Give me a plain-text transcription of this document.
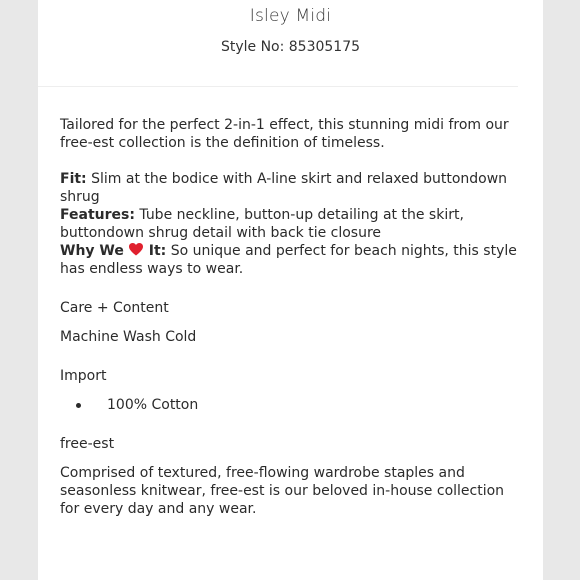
Isley Midi
Style No: 85305175

Tailored for the perfect 2-in-1 effect, this stunning midi from our free-est collection is the definition of timeless.

Fit: Slim at the bodice with A-line skirt and relaxed buttondown shrug

Features: Tube neckline, button-up detailing at the skirt, buttondown shrug detail with back tie closure

Why We It: So unique and perfect for beach nights, this style has endless ways to wear.

Care + Content

Machine Wash Cold

Import

100% Cotton

free-est

Comprised of textured, free-flowing wardrobe staples and seasonless knitwear, free-est is our beloved in-house collection for every day and any wear.
